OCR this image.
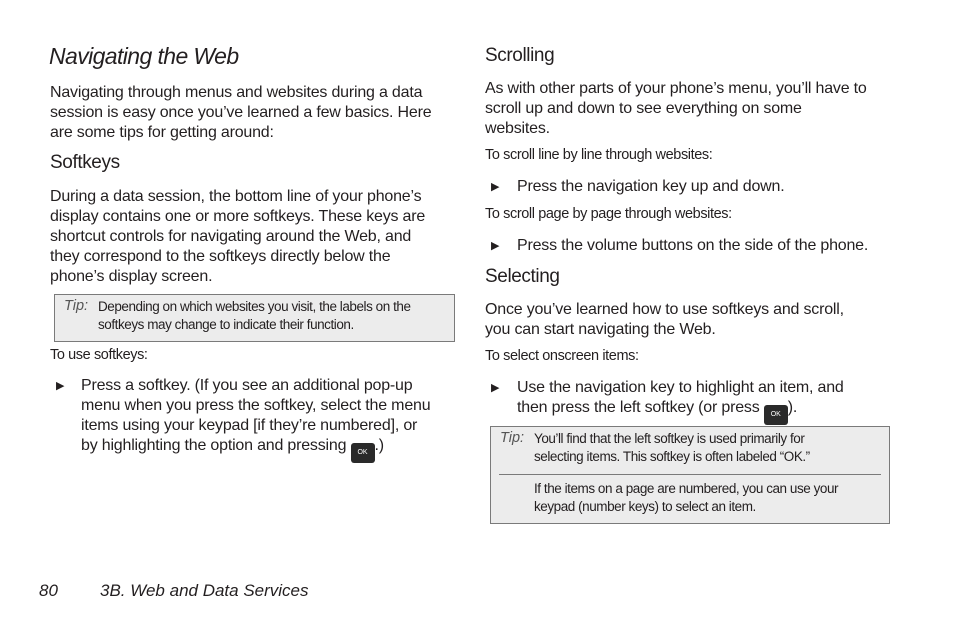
Navigating the Web
Navigating through menus and websites during a data
session is easy once you’ve learned a few basics. Here
are some tips for getting around:
Softkeys
During a data session, the bottom line of your phone’s
display contains one or more softkeys. These keys are
shortcut controls for navigating around the Web, and
they correspond to the softkeys directly below the
phone’s display screen.
Tip: Depending on which websites you visit, the labels on the
softkeys may change to indicate their function.
To use softkeys:
▶ Press a softkey. (If you see an additional pop-up
menu when you press the softkey, select the menu
items using your keypad [if they’re numbered], or
by highlighting the option and pressing OK .)
Scrolling
As with other parts of your phone’s menu, you’ll have to
scroll up and down to see everything on some
websites.
To scroll line by line through websites:
▶ Press the navigation key up and down.
To scroll page by page through websites:
▶ Press the volume buttons on the side of the phone.
Selecting
Once you’ve learned how to use softkeys and scroll,
you can start navigating the Web.
To select onscreen items:
▶ Use the navigation key to highlight an item, and
then press the left softkey (or press OK ).
Tip: You’ll find that the left softkey is used primarily for
selecting items. This softkey is often labeled “OK.”
If the items on a page are numbered, you can use your
keypad (number keys) to select an item.
80 3B. Web and Data Services
